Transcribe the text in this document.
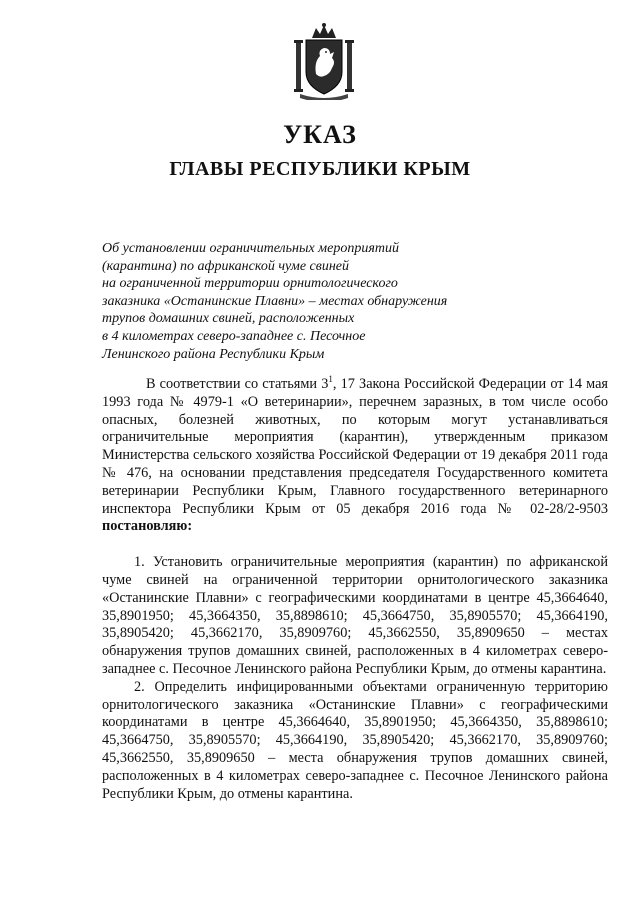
УКАЗ
ГЛАВЫ РЕСПУБЛИКИ КРЫМ
Об установлении ограничительных мероприятий
(карантина) по африканской чуме свиней
на ограниченной территории орнитологического
заказника «Останинские Плавни» – местах обнаружения
трупов домашних свиней, расположенных
в 4 километрах северо-западнее с. Песочное
Ленинского района Республики Крым

В соответствии со статьями $3^1$, 17 Закона Российской Федерации от 14 мая 1993 года № 4979-1 «О ветеринарии», перечнем заразных, в том числе особо опасных, болезней животных, по которым могут устанавливаться ограничительные мероприятия (карантин), утвержденным приказом Министерства сельского хозяйства Российской Федерации от 19 декабря 2011 года № 476, на основании представления председателя Государственного комитета ветеринарии Республики Крым, Главного государственного ветеринарного инспектора Республики Крым от 05 декабря 2016 года № 02-28/2-9503 постановляю:

1. Установить ограничительные мероприятия (карантин) по африканской чуме свиней на ограниченной территории орнитологического заказника «Останинские Плавни» с географическими координатами в центре 45,3664640, 35,8901950; 45,3664350, 35,8898610; 45,3664750, 35,8905570; 45,3664190, 35,8905420; 45,3662170, 35,8909760; 45,3662550, 35,8909650 – местах обнаружения трупов домашних свиней, расположенных в 4 километрах северо-западнее с. Песочное Ленинского района Республики Крым, до отмены карантина.

2. Определить инфицированными объектами ограниченную территорию орнитологического заказника «Останинские Плавни» с географическими координатами в центре 45,3664640, 35,8901950; 45,3664350, 35,8898610; 45,3664750, 35,8905570; 45,3664190, 35,8905420; 45,3662170, 35,8909760; 45,3662550, 35,8909650 – места обнаружения трупов домашних свиней, расположенных в 4 километрах северо-западнее с. Песочное Ленинского района Республики Крым, до отмены карантина.
